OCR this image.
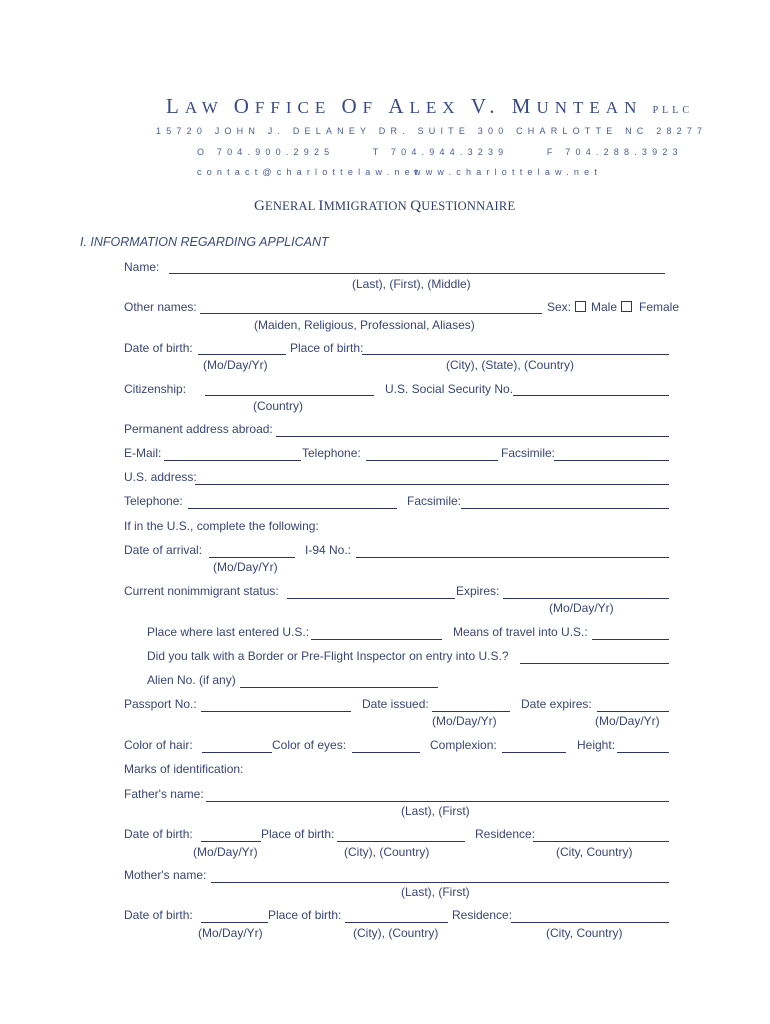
LAW OFFICE OF ALEX V. MUNTEAN PLLC
15720 JOHN J. DELANEY DR. SUITE 300 CHARLOTTE NC 28277
O 704.900.2925     T 704.944.3239     F 704.288.3923
contact@charlottelaw.net
www.charlottelaw.net
GENERAL IMMIGRATION QUESTIONNAIRE
I. INFORMATION REGARDING APPLICANT
Name:
(Last), (First), (Middle)
Other names:	Sex: Male Female
(Maiden, Religious, Professional, Aliases)
Date of birth:	Place of birth:
(Mo/Day/Yr)	(City), (State), (Country)
Citizenship:	U.S. Social Security No.
(Country)
Permanent address abroad:
E-Mail:	Telephone:	Facsimile:
U.S. address:
Telephone:	Facsimile:
If in the U.S., complete the following:
Date of arrival:	I-94 No.:
(Mo/Day/Yr)
Current nonimmigrant status:	Expires:
(Mo/Day/Yr)
Place where last entered U.S.:	Means of travel into U.S.:
Did you talk with a Border or Pre-Flight Inspector on entry into U.S.?
Alien No. (if any)
Passport No.:	Date issued:	Date expires:
(Mo/Day/Yr)	(Mo/Day/Yr)
Color of hair:	Color of eyes:	Complexion:	Height:
Marks of identification:
Father's name:
(Last), (First)
Date of birth:	Place of birth:	Residence:
(Mo/Day/Yr)	(City), (Country)	(City, Country)
Mother's name:
(Last), (First)
Date of birth:	Place of birth:	Residence:
(Mo/Day/Yr)	(City), (Country)	(City, Country)
